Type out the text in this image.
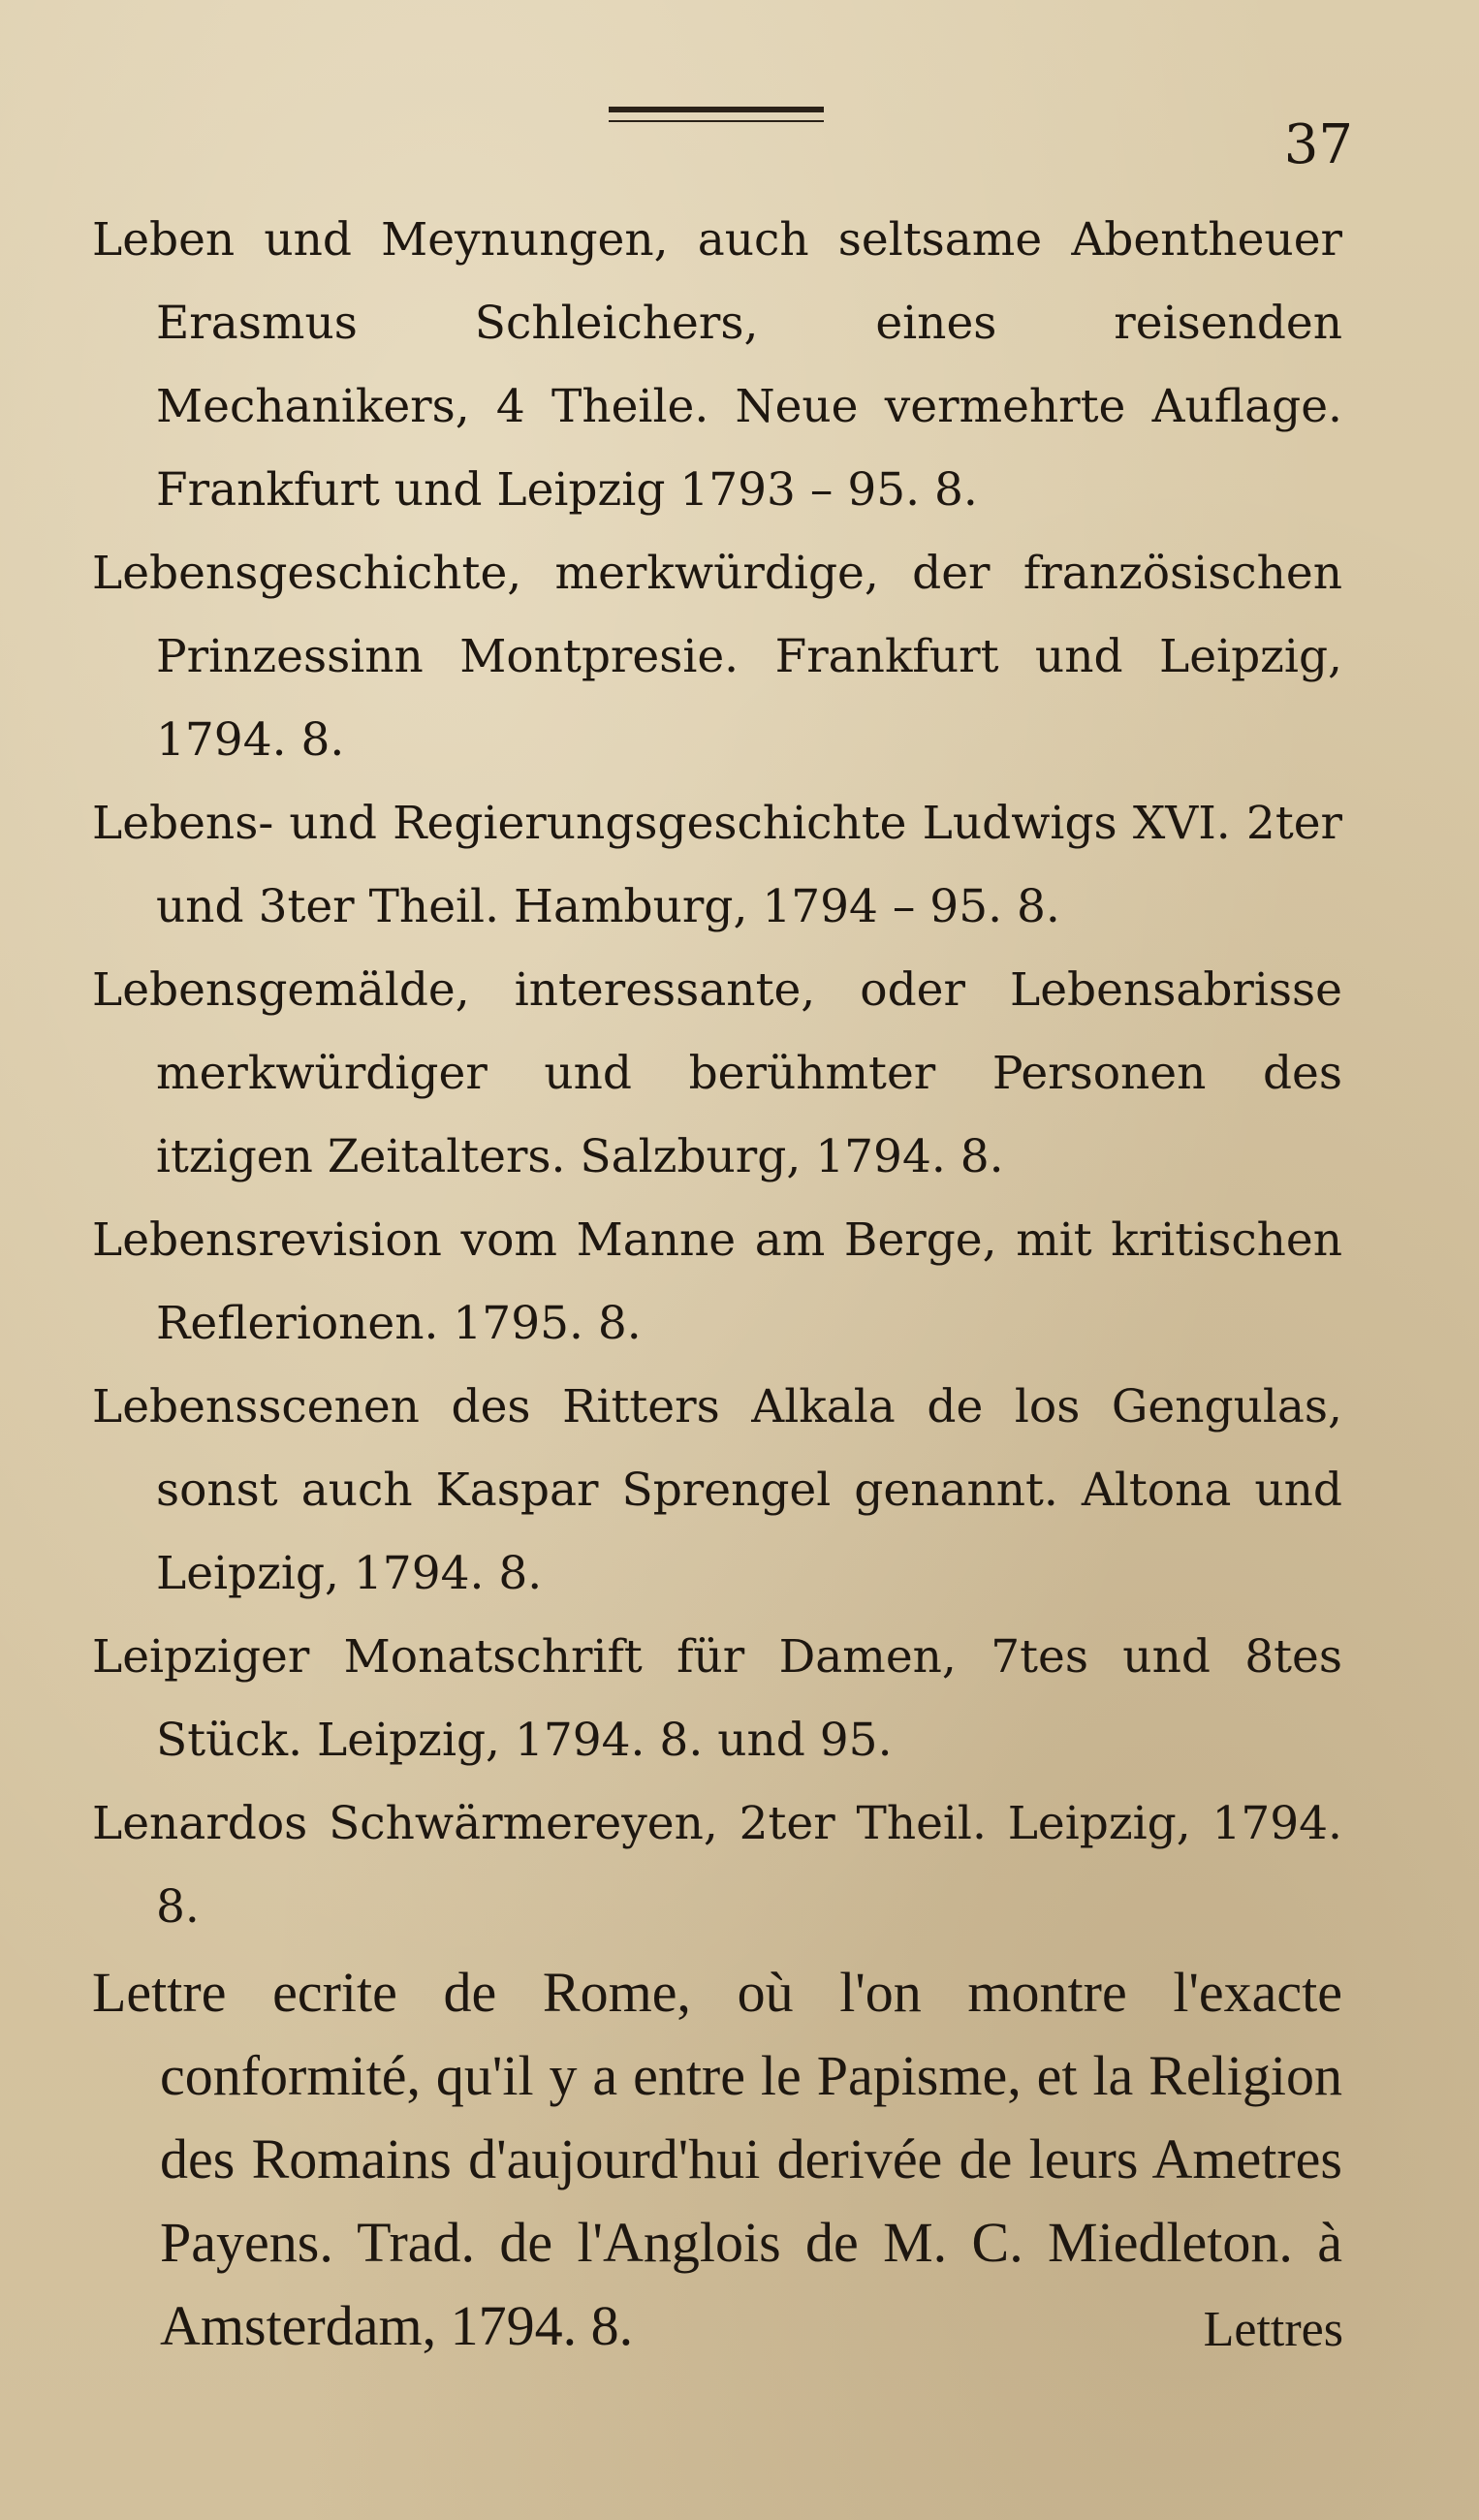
37

Leben und Meynungen, auch seltsame Abentheuer Erasmus Schleichers, eines reisenden Mechanikers, 4 Theile. Neue vermehrte Auflage. Frankfurt und Leipzig 1793 – 95. 8.

Lebensgeschichte, merkwürdige, der französischen Prinzessinn Montpresie. Frankfurt und Leipzig, 1794. 8.

Lebens- und Regierungsgeschichte Ludwigs XVI. 2ter und 3ter Theil. Hamburg, 1794 – 95. 8.

Lebensgemälde, interessante, oder Lebensabrisse merkwürdiger und berühmter Personen des itzigen Zeitalters. Salzburg, 1794. 8.

Lebensrevision vom Manne am Berge, mit kritischen Reflerionen. 1795. 8.

Lebensscenen des Ritters Alkala de los Gengulas, sonst auch Kaspar Sprengel genannt. Altona und Leipzig, 1794. 8.

Leipziger Monatschrift für Damen, 7tes und 8tes Stück. Leipzig, 1794. 8. und 95.

Lenardos Schwärmereyen, 2ter Theil. Leipzig, 1794. 8.

Lettre ecrite de Rome, où l'on montre l'exacte conformité, qu'il y a entre le Papisme, et la Religion des Romains d'aujourd'hui derivée de leurs Ametres Payens. Trad. de l'Anglois de M. C. Miedleton. à Amsterdam, 1794. 8.	Lettres
